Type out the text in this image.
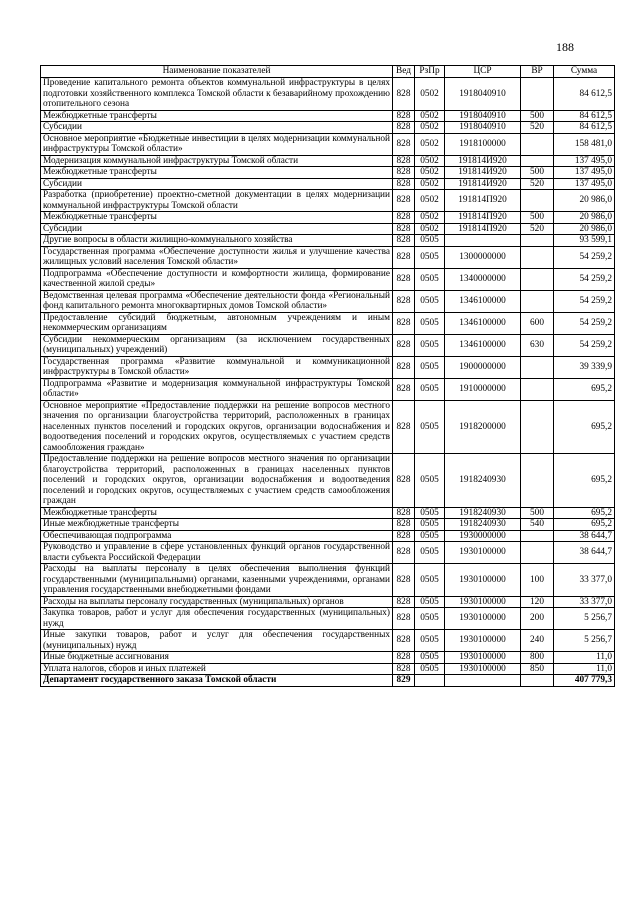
188
Наименование показателей	Вед	РзПр	ЦСР	ВР	Сумма
Проведение капитального ремонта объектов коммунальной инфраструктуры в целях подготовки хозяйственного комплекса Томской области к безаварийному прохождению отопительного сезона	828	0502	1918040910		84 612,5
Межбюджетные трансферты	828	0502	1918040910	500	84 612,5
Субсидии	828	0502	1918040910	520	84 612,5
Основное мероприятие «Бюджетные инвестиции в целях модернизации коммунальной инфраструктуры Томской области»	828	0502	1918100000		158 481,0
Модернизация коммунальной инфраструктуры Томской области	828	0502	191814И920		137 495,0
Межбюджетные трансферты	828	0502	191814И920	500	137 495,0
Субсидии	828	0502	191814И920	520	137 495,0
Разработка (приобретение) проектно-сметной документации в целях модернизации коммунальной инфраструктуры Томской области	828	0502	191814П920		20 986,0
Межбюджетные трансферты	828	0502	191814П920	500	20 986,0
Субсидии	828	0502	191814П920	520	20 986,0
Другие вопросы в области жилищно-коммунального хозяйства	828	0505			93 599,1
Государственная программа «Обеспечение доступности жилья и улучшение качества жилищных условий населения Томской области»	828	0505	1300000000		54 259,2
Подпрограмма «Обеспечение доступности и комфортности жилища, формирование качественной жилой среды»	828	0505	1340000000		54 259,2
Ведомственная целевая программа «Обеспечение деятельности фонда «Региональный фонд капитального ремонта многоквартирных домов Томской области»	828	0505	1346100000		54 259,2
Предоставление субсидий бюджетным, автономным учреждениям и иным некоммерческим организациям	828	0505	1346100000	600	54 259,2
Субсидии некоммерческим организациям (за исключением государственных (муниципальных) учреждений)	828	0505	1346100000	630	54 259,2
Государственная программа «Развитие коммунальной и коммуникационной инфраструктуры в Томской области»	828	0505	1900000000		39 339,9
Подпрограмма «Развитие и модернизация коммунальной инфраструктуры Томской области»	828	0505	1910000000		695,2
Основное мероприятие «Предоставление поддержки на решение вопросов местного значения по организации благоустройства территорий, расположенных в границах населенных пунктов поселений и городских округов, организации водоснабжения и водоотведения поселений и городских округов, осуществляемых с участием средств самообложения граждан»	828	0505	1918200000		695,2
Предоставление поддержки на решение вопросов местного значения по организации благоустройства территорий, расположенных в границах населенных пунктов поселений и городских округов, организации водоснабжения и водоотведения поселений и городских округов, осуществляемых с участием средств самообложения граждан	828	0505	1918240930		695,2
Межбюджетные трансферты	828	0505	1918240930	500	695,2
Иные межбюджетные трансферты	828	0505	1918240930	540	695,2
Обеспечивающая подпрограмма	828	0505	1930000000		38 644,7
Руководство и управление в сфере установленных функций органов государственной власти субъекта Российской Федерации	828	0505	1930100000		38 644,7
Расходы на выплаты персоналу в целях обеспечения выполнения функций государственными (муниципальными) органами, казенными учреждениями, органами управления государственными внебюджетными фондами	828	0505	1930100000	100	33 377,0
Расходы на выплаты персоналу государственных (муниципальных) органов	828	0505	1930100000	120	33 377,0
Закупка товаров, работ и услуг для обеспечения государственных (муниципальных) нужд	828	0505	1930100000	200	5 256,7
Иные закупки товаров, работ и услуг для обеспечения государственных (муниципальных) нужд	828	0505	1930100000	240	5 256,7
Иные бюджетные ассигнования	828	0505	1930100000	800	11,0
Уплата налогов, сборов и иных платежей	828	0505	1930100000	850	11,0
Департамент государственного заказа Томской области	829				407 779,3
